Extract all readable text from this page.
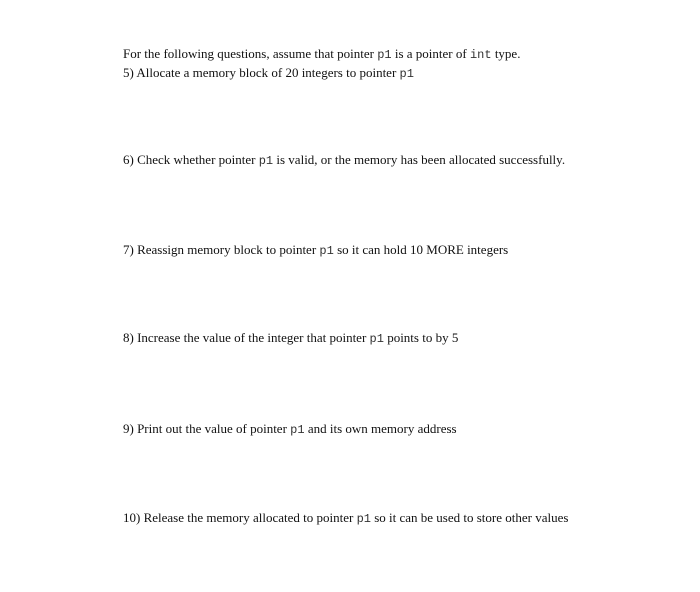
For the following questions, assume that pointer p1 is a pointer of int type.
5) Allocate a memory block of 20 integers to pointer p1
6) Check whether pointer p1 is valid, or the memory has been allocated successfully.
7) Reassign memory block to pointer p1 so it can hold 10 MORE integers
8) Increase the value of the integer that pointer p1 points to by 5
9) Print out the value of pointer p1 and its own memory address
10) Release the memory allocated to pointer p1 so it can be used to store other values
